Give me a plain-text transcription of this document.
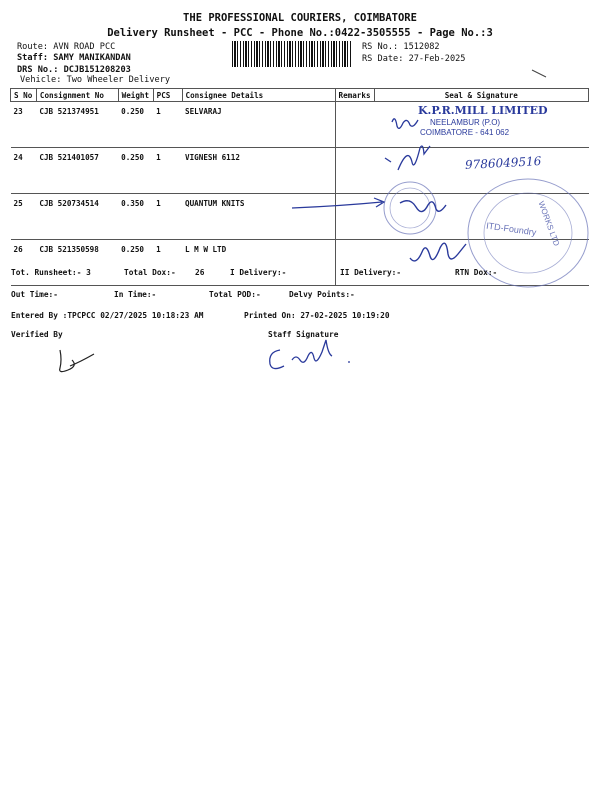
THE PROFESSIONAL COURIERS, COIMBATORE
Delivery Runsheet - PCC - Phone No.:0422-3505555 - Page No.:3
Route: AVN ROAD PCC
Staff: SAMY MANIKANDAN
DRS No.: DCJB151208203
Vehicle: Two Wheeler Delivery
RS No.: 1512082
RS Date: 27-Feb-2025
S No	Consignment No	Weight	PCS	Consignee Details	Remarks	Seal & Signature
23	CJB 521374951	0.250	1	SELVARAJ		
24	CJB 521401057	0.250	1	VIGNESH 6112		
25	CJB 520734514	0.350	1	QUANTUM KNITS		
26	CJB 521350598	0.250	1	L M W LTD		

K.P.R.MILL LIMITED
NEELAMBUR (P.O)
COIMBATORE - 641 062
9786049516
ITD-Foundry WORKS LTD
Tot. Runsheet:- 3	Total Dox:- 26	I Delivery:-	II Delivery:-	RTN Dox:-
Out Time:-	In Time:-	Total POD:-	Delvy Points:-
Entered By :TPCPCC 02/27/2025 10:18:23 AM	Printed On: 27-02-2025 10:19:20
Verified By	Staff Signature
